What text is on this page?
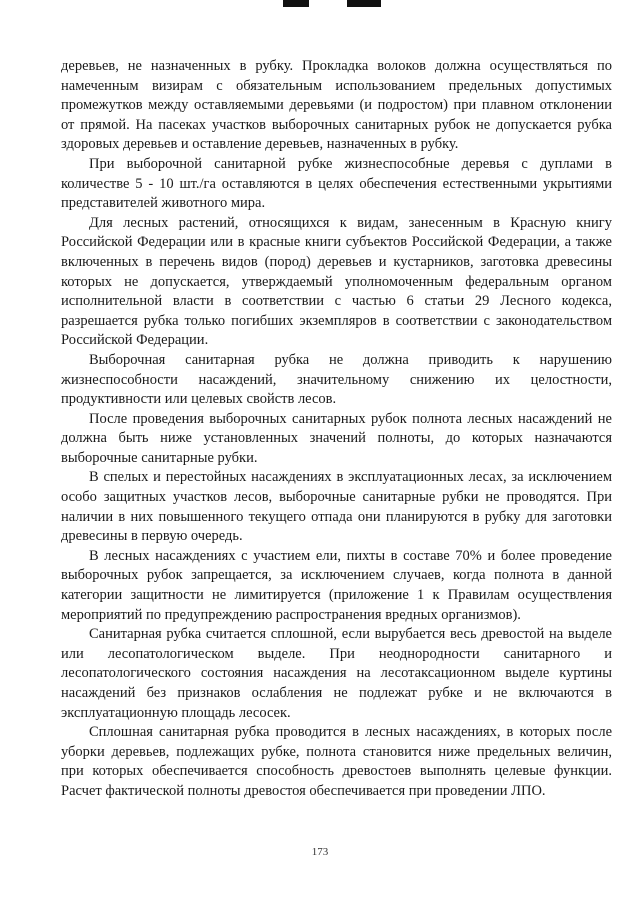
деревьев, не назначенных в рубку. Прокладка волоков должна осуществляться по намеченным визирам с обязательным использованием предельных допустимых промежутков между оставляемыми деревьями (и подростом) при плавном отклонении от прямой. На пасеках участков выборочных санитарных рубок не допускается рубка здоровых деревьев и оставление деревьев, назначенных в рубку.

При выборочной санитарной рубке жизнеспособные деревья с дуплами в количестве 5 - 10 шт./га оставляются в целях обеспечения естественными укрытиями представителей животного мира.

Для лесных растений, относящихся к видам, занесенным в Красную книгу Российской Федерации или в красные книги субъектов Российской Федерации, а также включенных в перечень видов (пород) деревьев и кустарников, заготовка древесины которых не допускается, утверждаемый уполномоченным федеральным органом исполнительной власти в соответствии с частью 6 статьи 29 Лесного кодекса, разрешается рубка только погибших экземпляров в соответствии с законодательством Российской Федерации.

Выборочная санитарная рубка не должна приводить к нарушению жизнеспособности насаждений, значительному снижению их целостности, продуктивности или целевых свойств лесов.

После проведения выборочных санитарных рубок полнота лесных насаждений не должна быть ниже установленных значений полноты, до которых назначаются выборочные санитарные рубки.

В спелых и перестойных насаждениях в эксплуатационных лесах, за исключением особо защитных участков лесов, выборочные санитарные рубки не проводятся. При наличии в них повышенного текущего отпада они планируются в рубку для заготовки древесины в первую очередь.

В лесных насаждениях с участием ели, пихты в составе 70% и более проведение выборочных рубок запрещается, за исключением случаев, когда полнота в данной категории защитности не лимитируется (приложение 1 к Правилам осуществления мероприятий по предупреждению распространения вредных организмов).

Санитарная рубка считается сплошной, если вырубается весь древостой на выделе или лесопатологическом выделе. При неоднородности санитарного и лесопатологического состояния насаждения на лесотаксационном выделе куртины насаждений без признаков ослабления не подлежат рубке и не включаются в эксплуатационную площадь лесосек.

Сплошная санитарная рубка проводится в лесных насаждениях, в которых после уборки деревьев, подлежащих рубке, полнота становится ниже предельных величин, при которых обеспечивается способность древостоев выполнять целевые функции. Расчет фактической полноты древостоя обеспечивается при проведении ЛПО.

173
